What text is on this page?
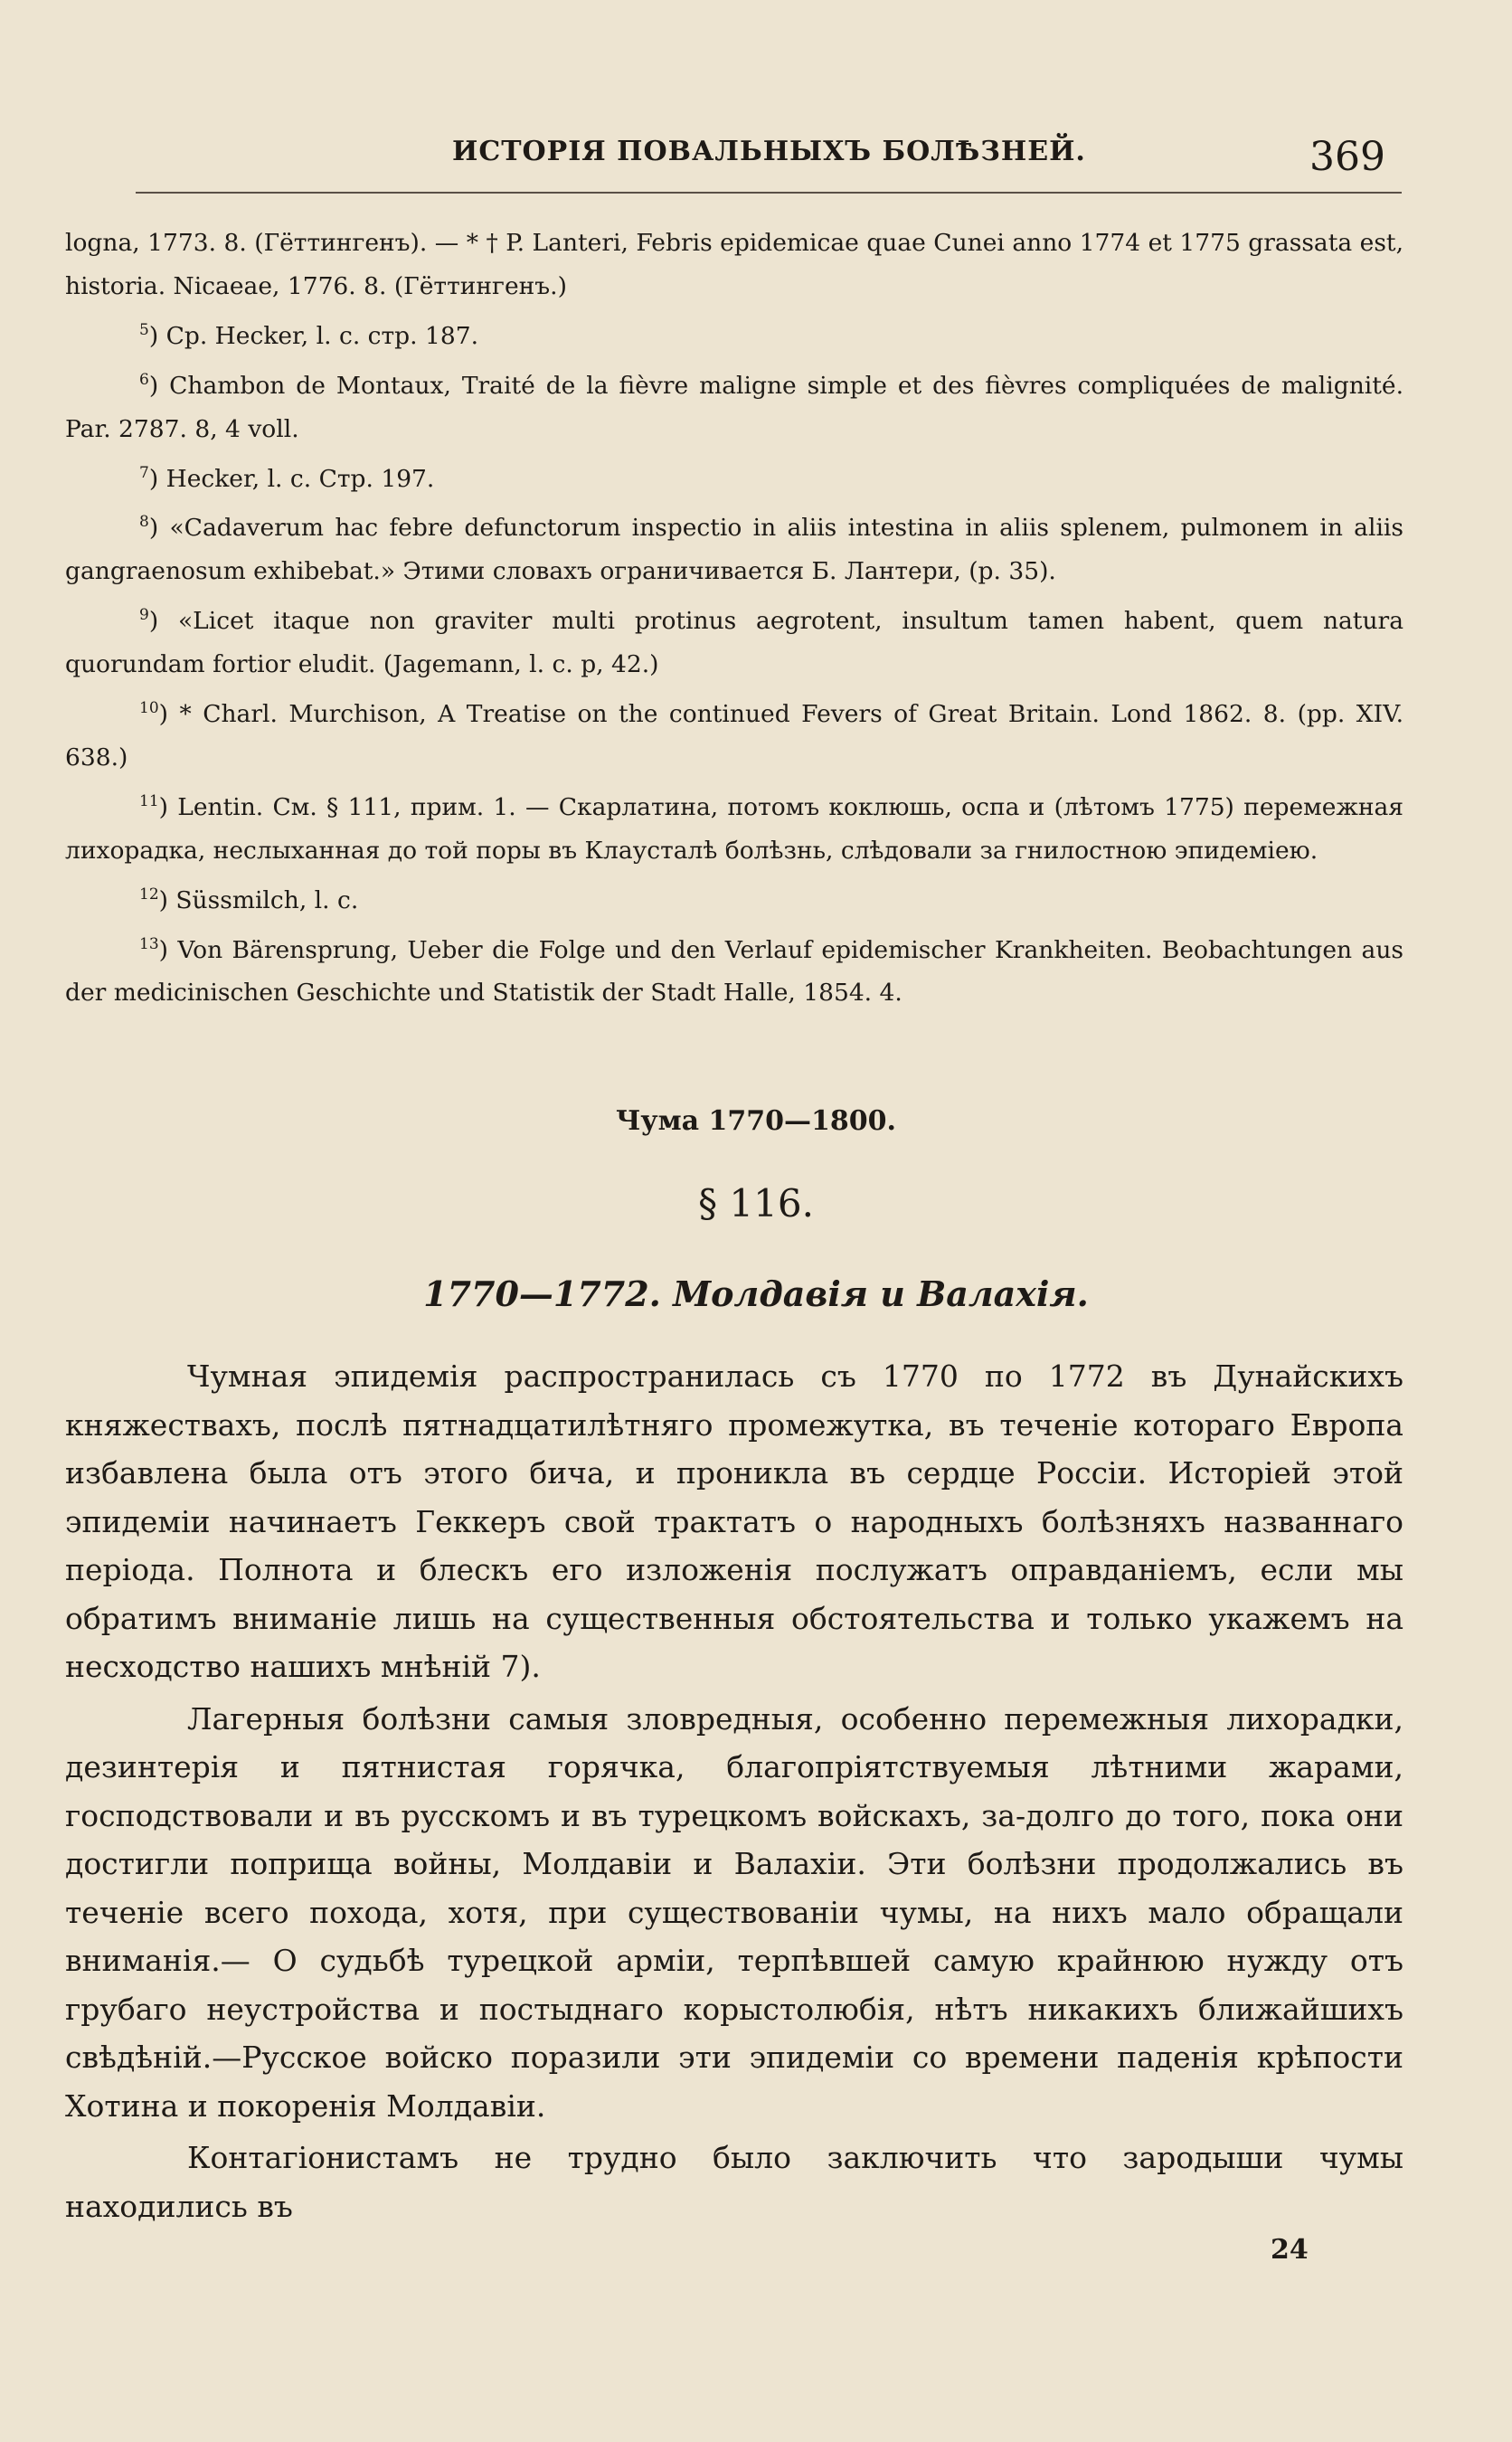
ИСТОРІЯ ПОВАЛЬНЫХЪ БОЛѢЗНЕЙ.	369

logna, 1773. 8. (Гёттингенъ). — * † P. Lanteri, Febris epidemicae quae Cunei anno 1774 et 1775 grassata est, historia. Nicaeae, 1776. 8. (Гёттингенъ.)

$^5$) Ср. Hecker, l. c. стр. 187.

$^6$) Chambon de Montaux, Traité de la fièvre maligne simple et des fièvres compliquées de malignité. Par. 2787. 8, 4 voll.

$^7$) Hecker, l. c. Стр. 197.

$^8$) «Cadaverum hac febre defunctorum inspectio in aliis intestina in aliis splenem, pulmonem in aliis gangraenosum exhibebat.» Этими словахъ ограничивается Б. Лантери, (p. 35).

$^9$) «Licet itaque non graviter multi protinus aegrotent, insultum tamen habent, quem natura quorundam fortior eludit. (Jagemann, l. c. p, 42.)

$^{10}$) * Charl. Murchison, A Treatise on the continued Fevers of Great Britain. Lond 1862. 8. (pp. XIV. 638.)

$^{11}$) Lentin. См. § 111, прим. 1. — Скарлатина, потомъ коклюшь, оспа и (лѣтомъ 1775) перемежная лихорадка, неслыханная до той поры въ Клаусталѣ болѣзнь, слѣдовали за гнилостною эпидеміею.

$^{12}$) Süssmilch, l. c.

$^{13}$) Von Bärensprung, Ueber die Folge und den Verlauf epidemischer Krankheiten. Beobachtungen aus der medicinischen Geschichte und Statistik der Stadt Halle, 1854. 4.

Чума 1770—1800.
§ 116.
1770—1772. Молдавія и Валахія.

Чумная эпидемія распространилась съ 1770 по 1772 въ Дунайскихъ княжествахъ, послѣ пятнадцатилѣтняго промежутка, въ теченіе котораго Европа избавлена была отъ этого бича, и проникла въ сердце Россіи. Исторіей этой эпидеміи начинаетъ Геккеръ свой трактатъ о народныхъ болѣзняхъ названнаго періода. Полнота и блескъ его изложенія послужатъ оправданіемъ, если мы обратимъ вниманіе лишь на существенныя обстоятельства и только укажемъ на несходство нашихъ мнѣній 7).

Лагерныя болѣзни самыя зловредныя, особенно перемежныя лихорадки, дезинтерія и пятнистая горячка, благопріятствуемыя лѣтними жарами, господствовали и въ русскомъ и въ турецкомъ войскахъ, за-долго до того, пока они достигли поприща войны, Молдавіи и Валахіи. Эти болѣзни продолжались въ теченіе всего похода, хотя, при существованіи чумы, на нихъ мало обращали вниманія.— О судьбѣ турецкой арміи, терпѣвшей самую крайнюю нужду отъ грубаго неустройства и постыднаго корыстолюбія, нѣтъ никакихъ ближайшихъ свѣдѣній.—Русское войско поразили эти эпидеміи со времени паденія крѣпости Хотина и покоренія Молдавіи.

Контагіонистамъ не трудно было заключить что зародыши чумы находились въ

24
